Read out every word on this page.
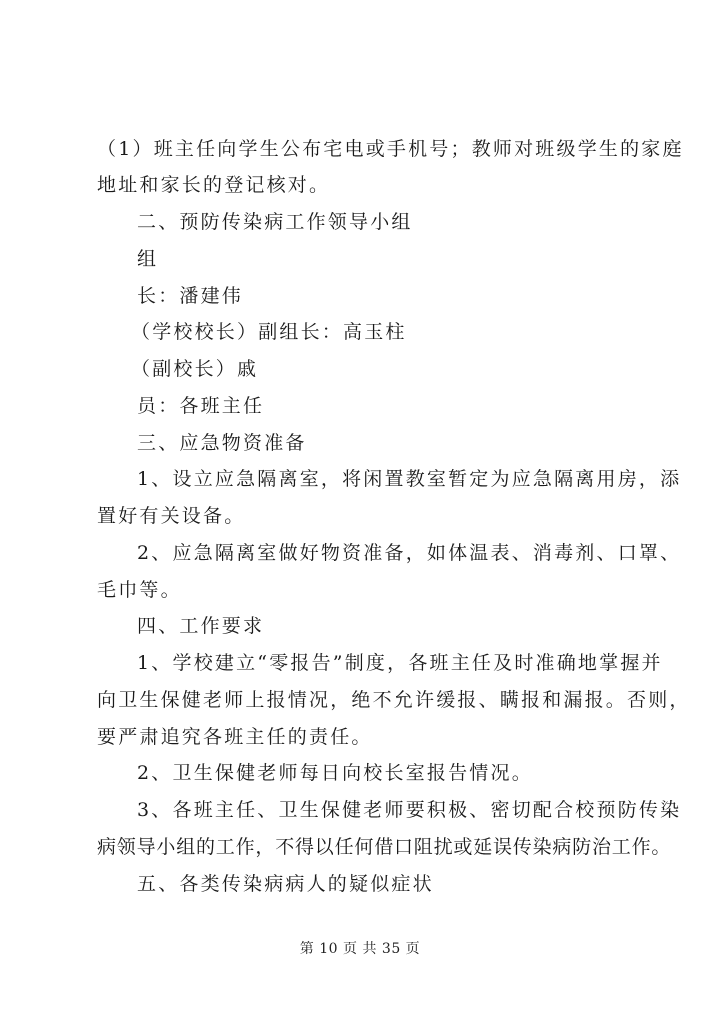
（1）班主任向学生公布宅电或手机号；教师对班级学生的家庭
地址和家长的登记核对。
二、预防传染病工作领导小组
组
长：潘建伟
（学校校长）副组长：高玉柱
（副校长）戚
员：各班主任
三、应急物资准备
1、设立应急隔离室，将闲置教室暂定为应急隔离用房，添
置好有关设备。
2、应急隔离室做好物资准备，如体温表、消毒剂、口罩、
毛巾等。
四、工作要求
1、学校建立“零报告”制度，各班主任及时准确地掌握并
向卫生保健老师上报情况，绝不允许缓报、瞒报和漏报。否则，
要严肃追究各班主任的责任。
2、卫生保健老师每日向校长室报告情况。
3、各班主任、卫生保健老师要积极、密切配合校预防传染
病领导小组的工作，不得以任何借口阻扰或延误传染病防治工作。
五、各类传染病病人的疑似症状
第 10 页 共 35 页
